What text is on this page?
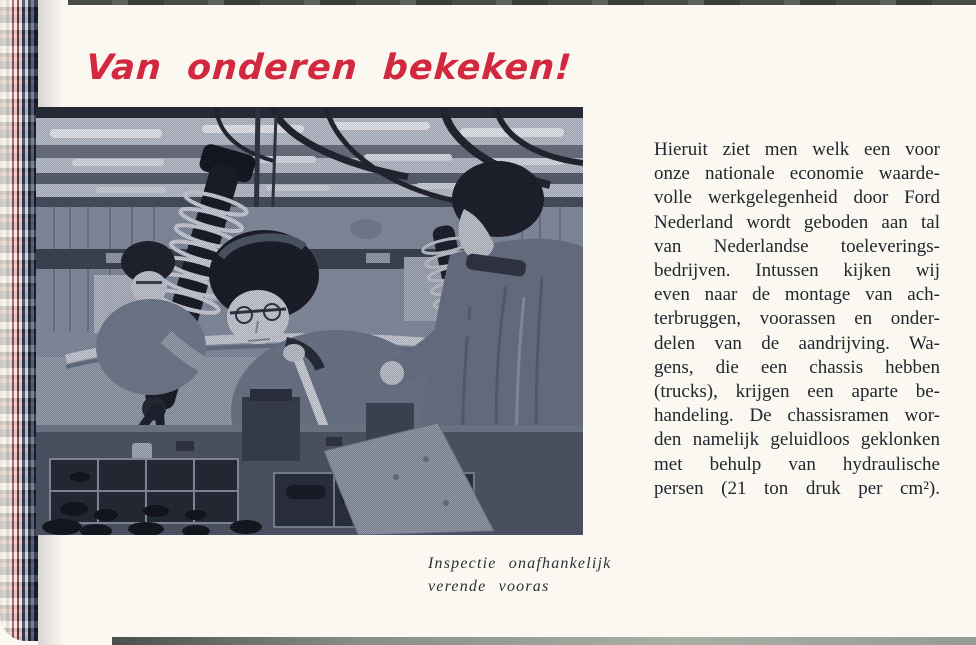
Van onderen bekeken!
Inspectie onafhankelijk
verende vooras
Hieruit ziet men welk een voor
onze nationale economie waarde-
volle werkgelegenheid door Ford
Nederland wordt geboden aan tal
van Nederlandse toeleverings-
bedrijven. Intussen kijken wij
even naar de montage van ach-
terbruggen, voorassen en onder-
delen van de aandrijving. Wa-
gens, die een chassis hebben
(trucks), krijgen een aparte be-
handeling. De chassisramen wor-
den namelijk geluidloos geklonken
met behulp van hydraulische
persen (21 ton druk per cm²).
